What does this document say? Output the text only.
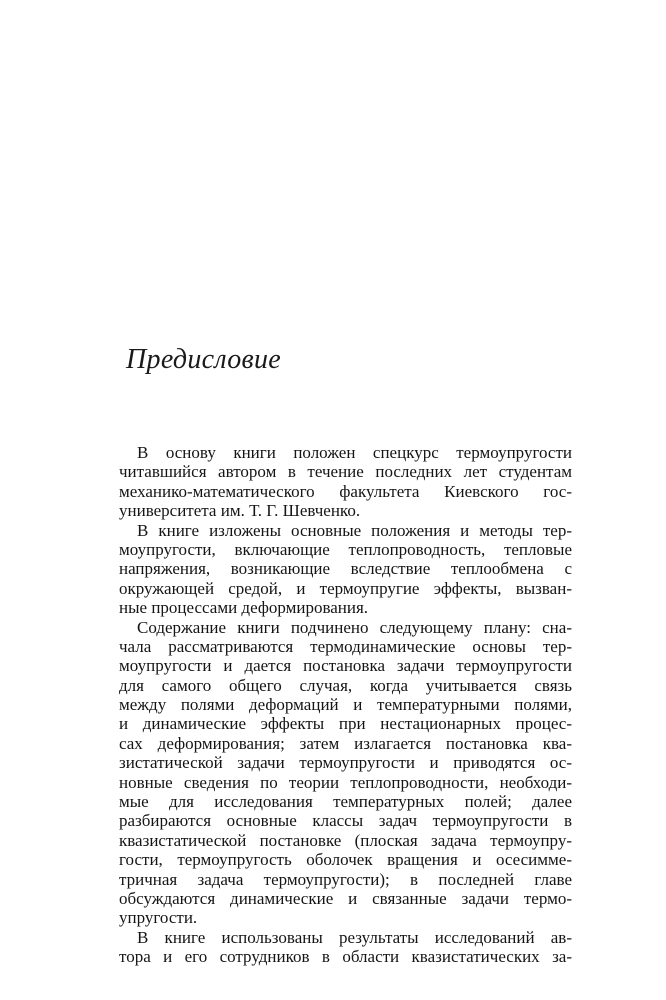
Предисловие
В основу книги положен спецкурс термоупругости
читавшийся автором в течение последних лет студентам
механико-математического факультета Киевского гос-
университета им. Т. Г. Шевченко.
В книге изложены основные положения и методы тер-
моупругости, включающие теплопроводность, тепловые
напряжения, возникающие вследствие теплообмена с
окружающей средой, и термоупругие эффекты, вызван-
ные процессами деформирования.
Содержание книги подчинено следующему плану: сна-
чала рассматриваются термодинамические основы тер-
моупругости и дается постановка задачи термоупругости
для самого общего случая, когда учитывается связь
между полями деформаций и температурными полями,
и динамические эффекты при нестационарных процес-
сах деформирования; затем излагается постановка ква-
зистатической задачи термоупругости и приводятся ос-
новные сведения по теории теплопроводности, необходи-
мые для исследования температурных полей; далее
разбираются основные классы задач термоупругости в
квазистатической постановке (плоская задача термоупру-
гости, термоупругость оболочек вращения и осесимме-
тричная задача термоупругости); в последней главе
обсуждаются динамические и связанные задачи термо-
упругости.
В книге использованы результаты исследований ав-
тора и его сотрудников в области квазистатических за-
